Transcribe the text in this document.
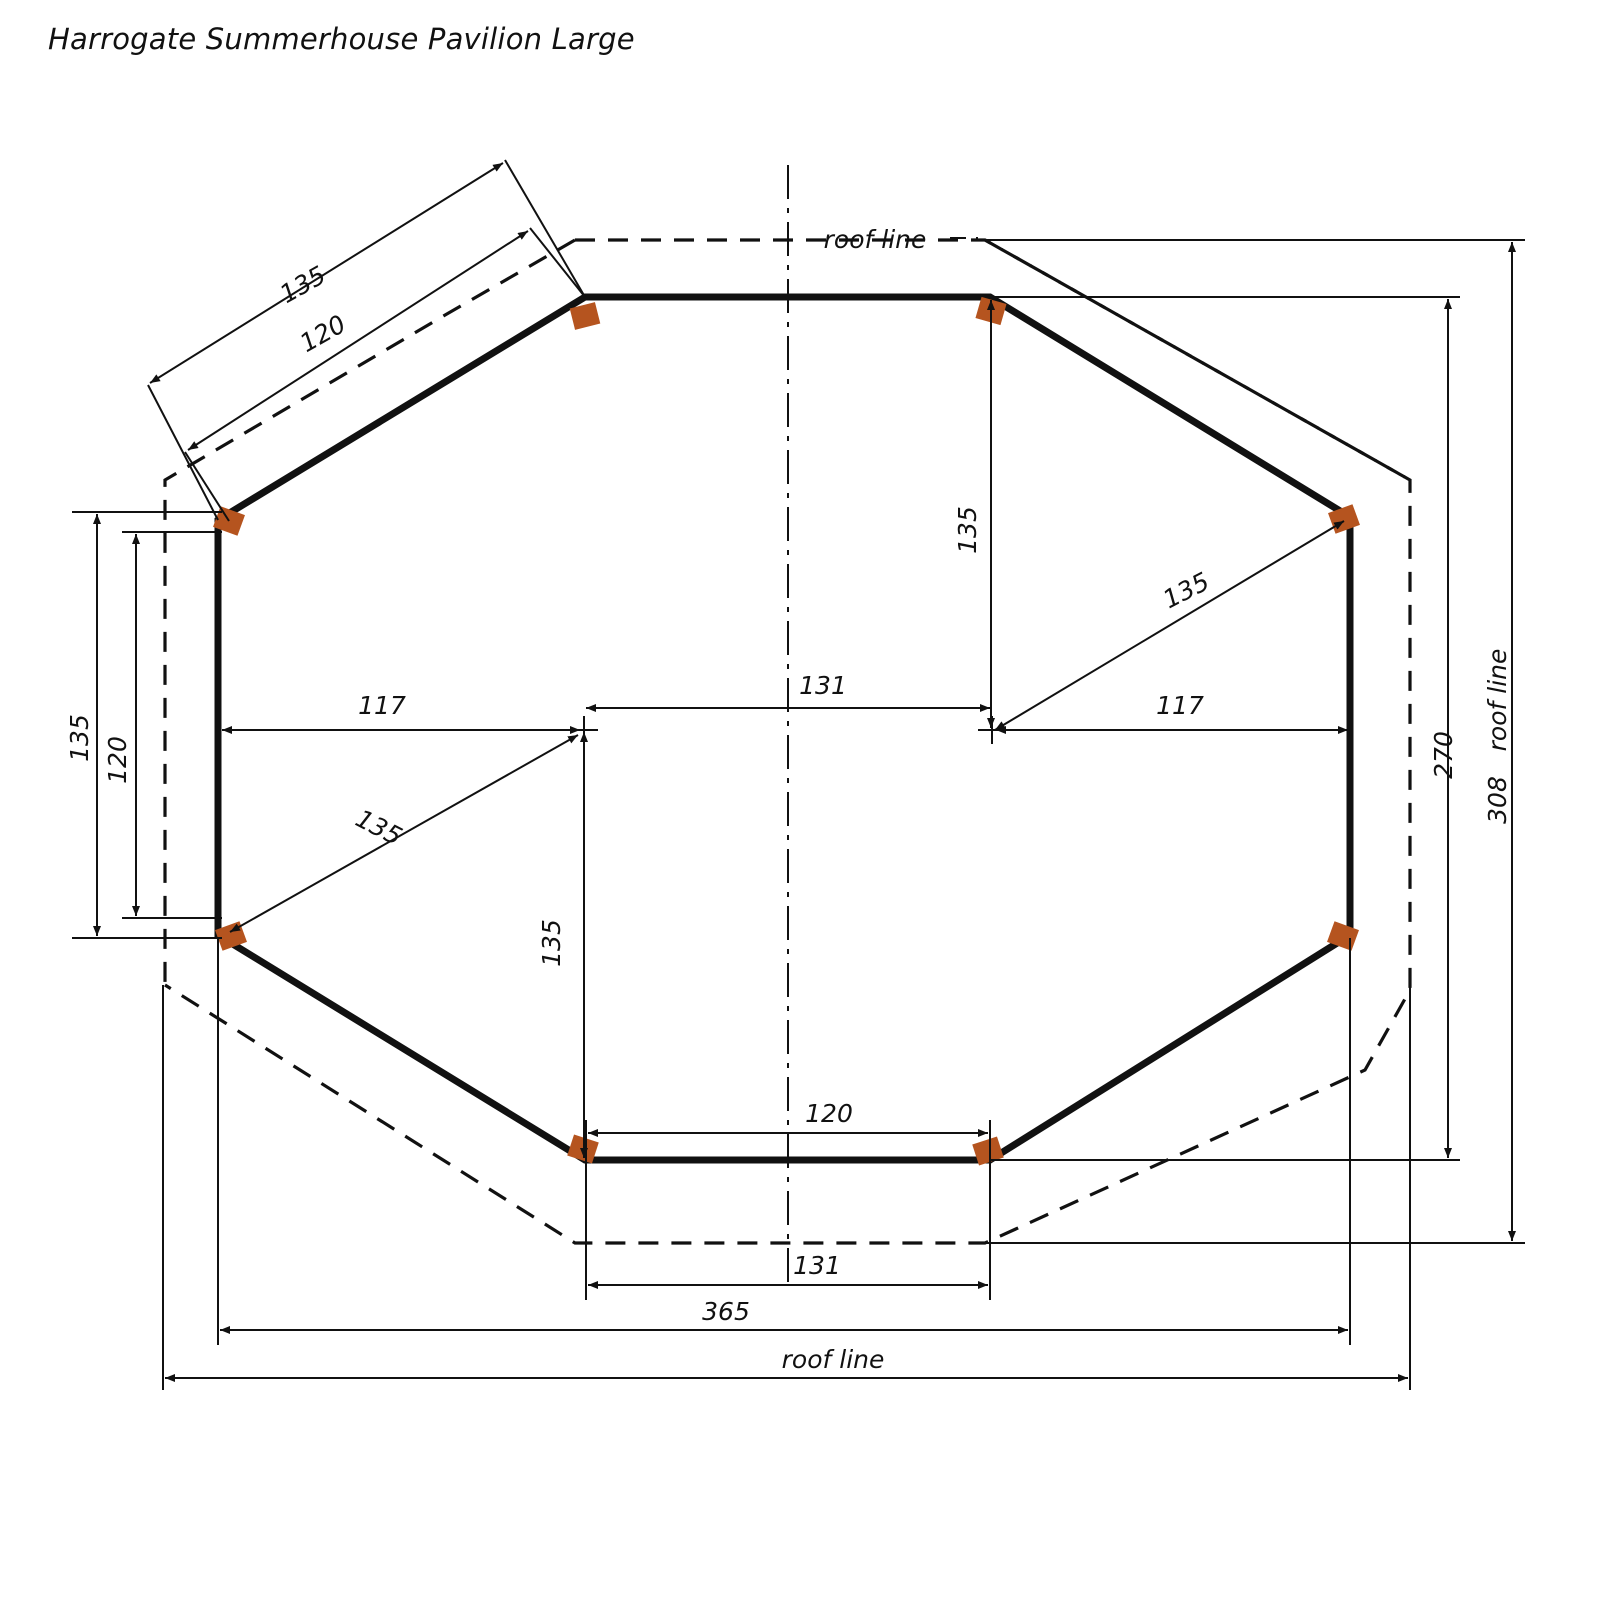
Harrogate Summerhouse Pavilion Large
135
120
135 120
135
117
135
135
135
117
131
120
131
365
270
308
roof line
roof line
roof line
